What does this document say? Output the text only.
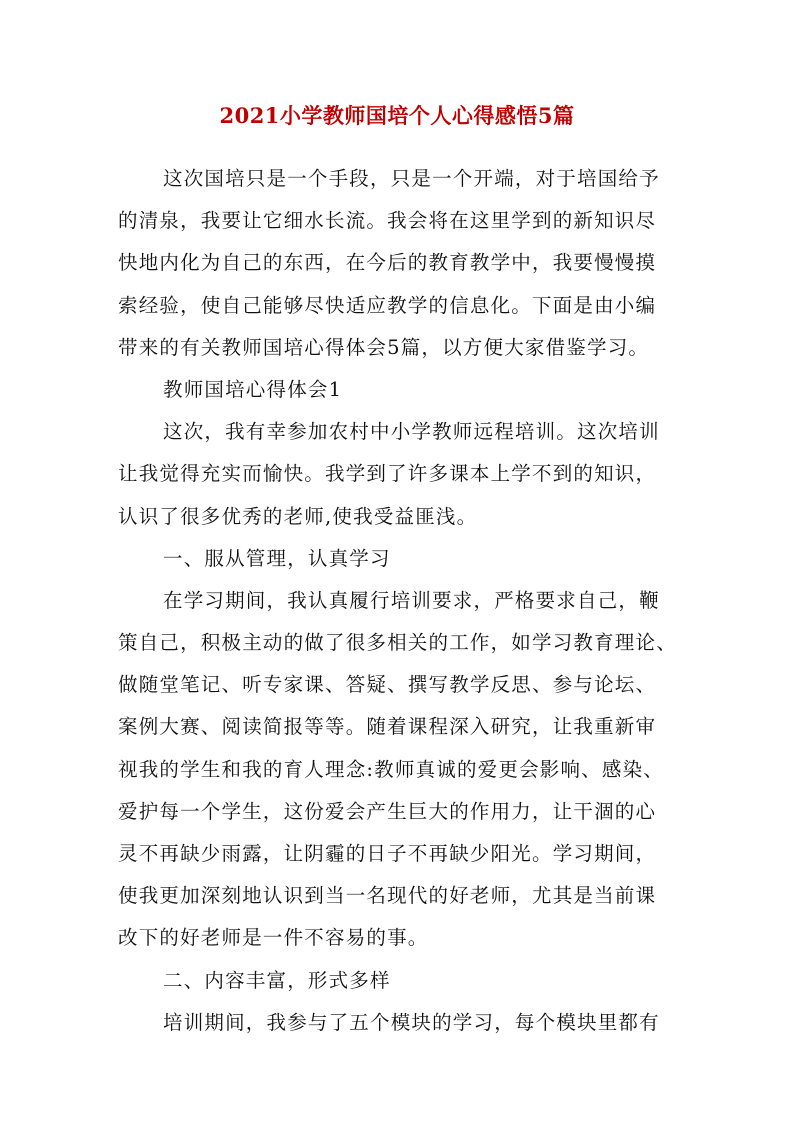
2021小学教师国培个人心得感悟5篇
这次国培只是一个手段，只是一个开端，对于培国给予
的清泉，我要让它细水长流。我会将在这里学到的新知识尽
快地内化为自己的东西，在今后的教育教学中，我要慢慢摸
索经验，使自己能够尽快适应教学的信息化。下面是由小编
带来的有关教师国培心得体会5篇，以方便大家借鉴学习。
教师国培心得体会1
这次，我有幸参加农村中小学教师远程培训。这次培训
让我觉得充实而愉快。我学到了许多课本上学不到的知识，
认识了很多优秀的老师,使我受益匪浅。
一、服从管理，认真学习
在学习期间，我认真履行培训要求，严格要求自己，鞭
策自己，积极主动的做了很多相关的工作，如学习教育理论、
做随堂笔记、听专家课、答疑、撰写教学反思、参与论坛、
案例大赛、阅读简报等等。随着课程深入研究，让我重新审
视我的学生和我的育人理念:教师真诚的爱更会影响、感染、
爱护每一个学生，这份爱会产生巨大的作用力，让干涸的心
灵不再缺少雨露，让阴霾的日子不再缺少阳光。学习期间，
使我更加深刻地认识到当一名现代的好老师，尤其是当前课
改下的好老师是一件不容易的事。
二、内容丰富，形式多样
培训期间，我参与了五个模块的学习，每个模块里都有
